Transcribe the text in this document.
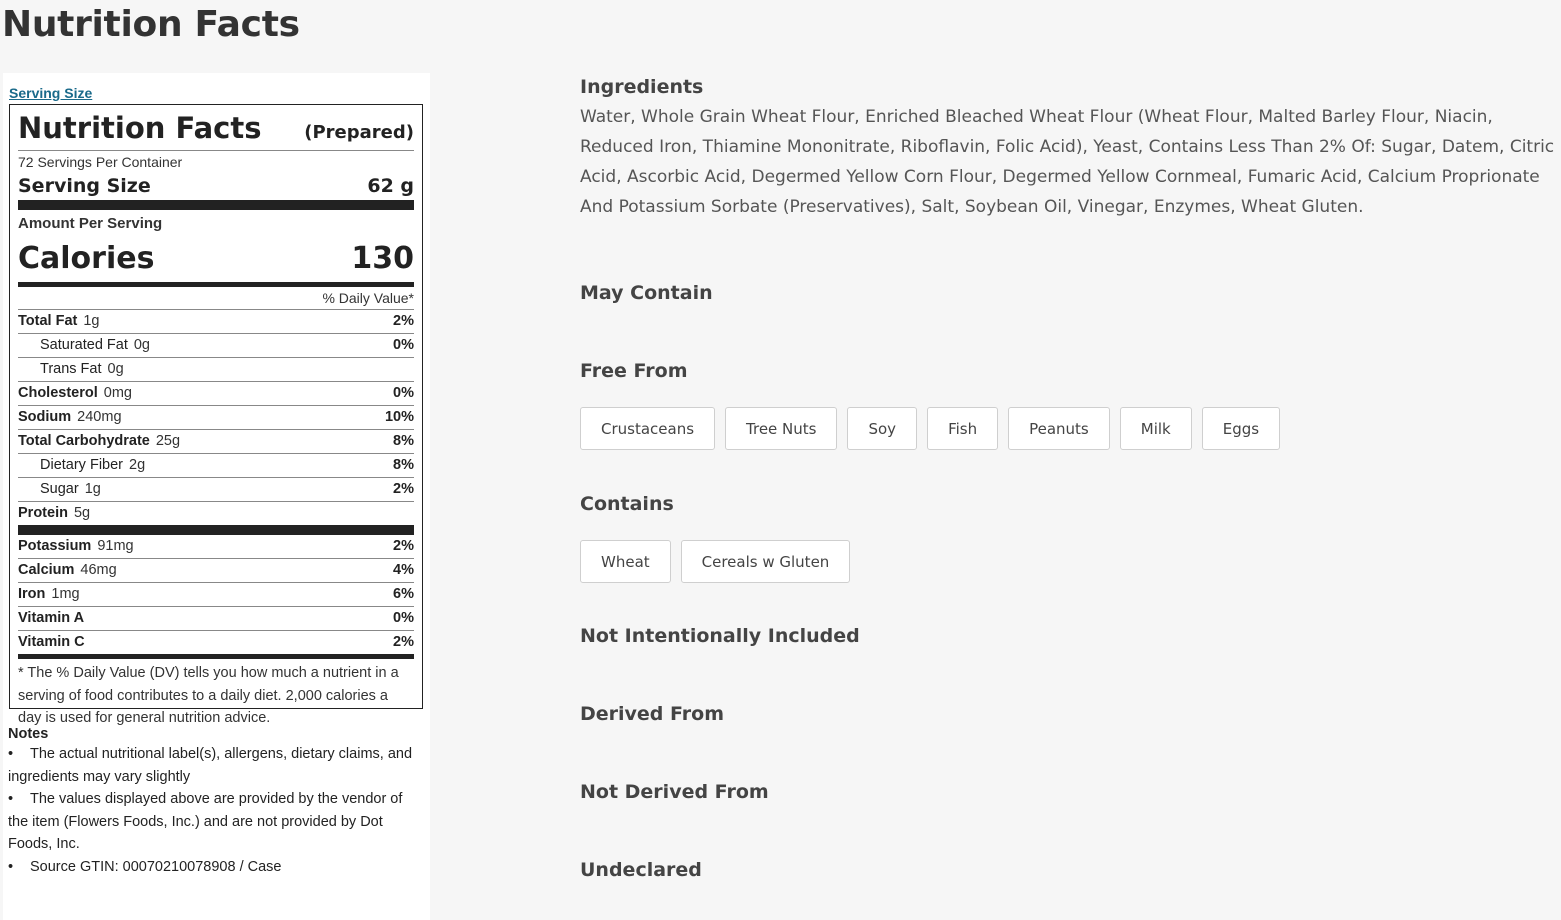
Nutrition Facts
Serving Size
Nutrition Facts (Prepared)
72 Servings Per Container
Serving Size	62 g
Amount Per Serving
Calories	130
% Daily Value*
Total Fat 1g	2%
Saturated Fat 0g	0%
Trans Fat 0g
Cholesterol 0mg	0%
Sodium 240mg	10%
Total Carbohydrate 25g	8%
Dietary Fiber 2g	8%
Sugar 1g	2%
Protein 5g
Potassium 91mg	2%
Calcium 46mg	4%
Iron 1mg	6%
Vitamin A	0%
Vitamin C	2%
* The % Daily Value (DV) tells you how much a nutrient in a serving of food contributes to a daily diet. 2,000 calories a day is used for general nutrition advice.
Notes
• The actual nutritional label(s), allergens, dietary claims, and ingredients may vary slightly
• The values displayed above are provided by the vendor of the item (Flowers Foods, Inc.) and are not provided by Dot Foods, Inc.
• Source GTIN: 00070210078908 / Case
Ingredients
Water, Whole Grain Wheat Flour, Enriched Bleached Wheat Flour (Wheat Flour, Malted Barley Flour, Niacin, Reduced Iron, Thiamine Mononitrate, Riboflavin, Folic Acid), Yeast, Contains Less Than 2% Of: Sugar, Datem, Citric Acid, Ascorbic Acid, Degermed Yellow Corn Flour, Degermed Yellow Cornmeal, Fumaric Acid, Calcium Proprionate And Potassium Sorbate (Preservatives), Salt, Soybean Oil, Vinegar, Enzymes, Wheat Gluten.
May Contain
Free From
Crustaceans	Tree Nuts	Soy	Fish	Peanuts	Milk	Eggs
Contains
Wheat	Cereals w Gluten
Not Intentionally Included
Derived From
Not Derived From
Undeclared
